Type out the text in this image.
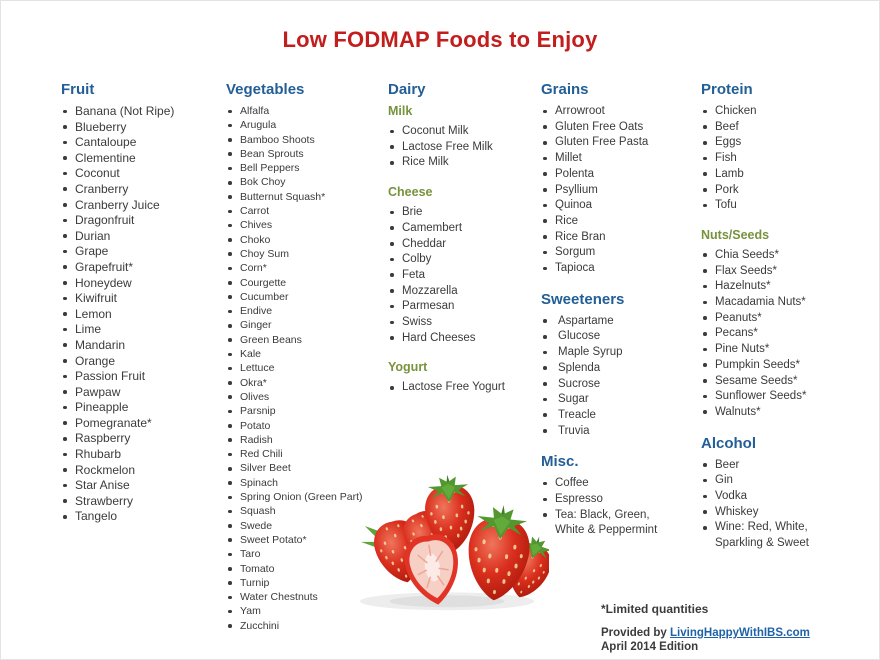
Low FODMAP Foods to Enjoy
Fruit
Banana (Not Ripe)
Blueberry
Cantaloupe
Clementine
Coconut
Cranberry
Cranberry Juice
Dragonfruit
Durian
Grape
Grapefruit*
Honeydew
Kiwifruit
Lemon
Lime
Mandarin
Orange
Passion Fruit
Pawpaw
Pineapple
Pomegranate*
Raspberry
Rhubarb
Rockmelon
Star Anise
Strawberry
Tangelo
Vegetables
Alfalfa
Arugula
Bamboo Shoots
Bean Sprouts
Bell Peppers
Bok Choy
Butternut Squash*
Carrot
Chives
Choko
Choy Sum
Corn*
Courgette
Cucumber
Endive
Ginger
Green Beans
Kale
Lettuce
Okra*
Olives
Parsnip
Potato
Radish
Red Chili
Silver Beet
Spinach
Spring Onion (Green Part)
Squash
Swede
Sweet Potato*
Taro
Tomato
Turnip
Water Chestnuts
Yam
Zucchini
Dairy
Milk
Coconut Milk
Lactose Free Milk
Rice Milk
Cheese
Brie
Camembert
Cheddar
Colby
Feta
Mozzarella
Parmesan
Swiss
Hard Cheeses
Yogurt
Lactose Free Yogurt
Grains
Arrowroot
Gluten Free Oats
Gluten Free Pasta
Millet
Polenta
Psyllium
Quinoa
Rice
Rice Bran
Sorgum
Tapioca
Sweeteners
Aspartame
Glucose
Maple Syrup
Splenda
Sucrose
Sugar
Treacle
Truvia
Misc.
Coffee
Espresso
Tea: Black, Green, White & Peppermint
Protein
Chicken
Beef
Eggs
Fish
Lamb
Pork
Tofu
Nuts/Seeds
Chia Seeds*
Flax Seeds*
Hazelnuts*
Macadamia Nuts*
Peanuts*
Pecans*
Pine Nuts*
Pumpkin Seeds*
Sesame Seeds*
Sunflower Seeds*
Walnuts*
Alcohol
Beer
Gin
Vodka
Whiskey
Wine: Red, White, Sparkling & Sweet
*Limited quantities
Provided by LivingHappyWithIBS.com
April 2014 Edition
